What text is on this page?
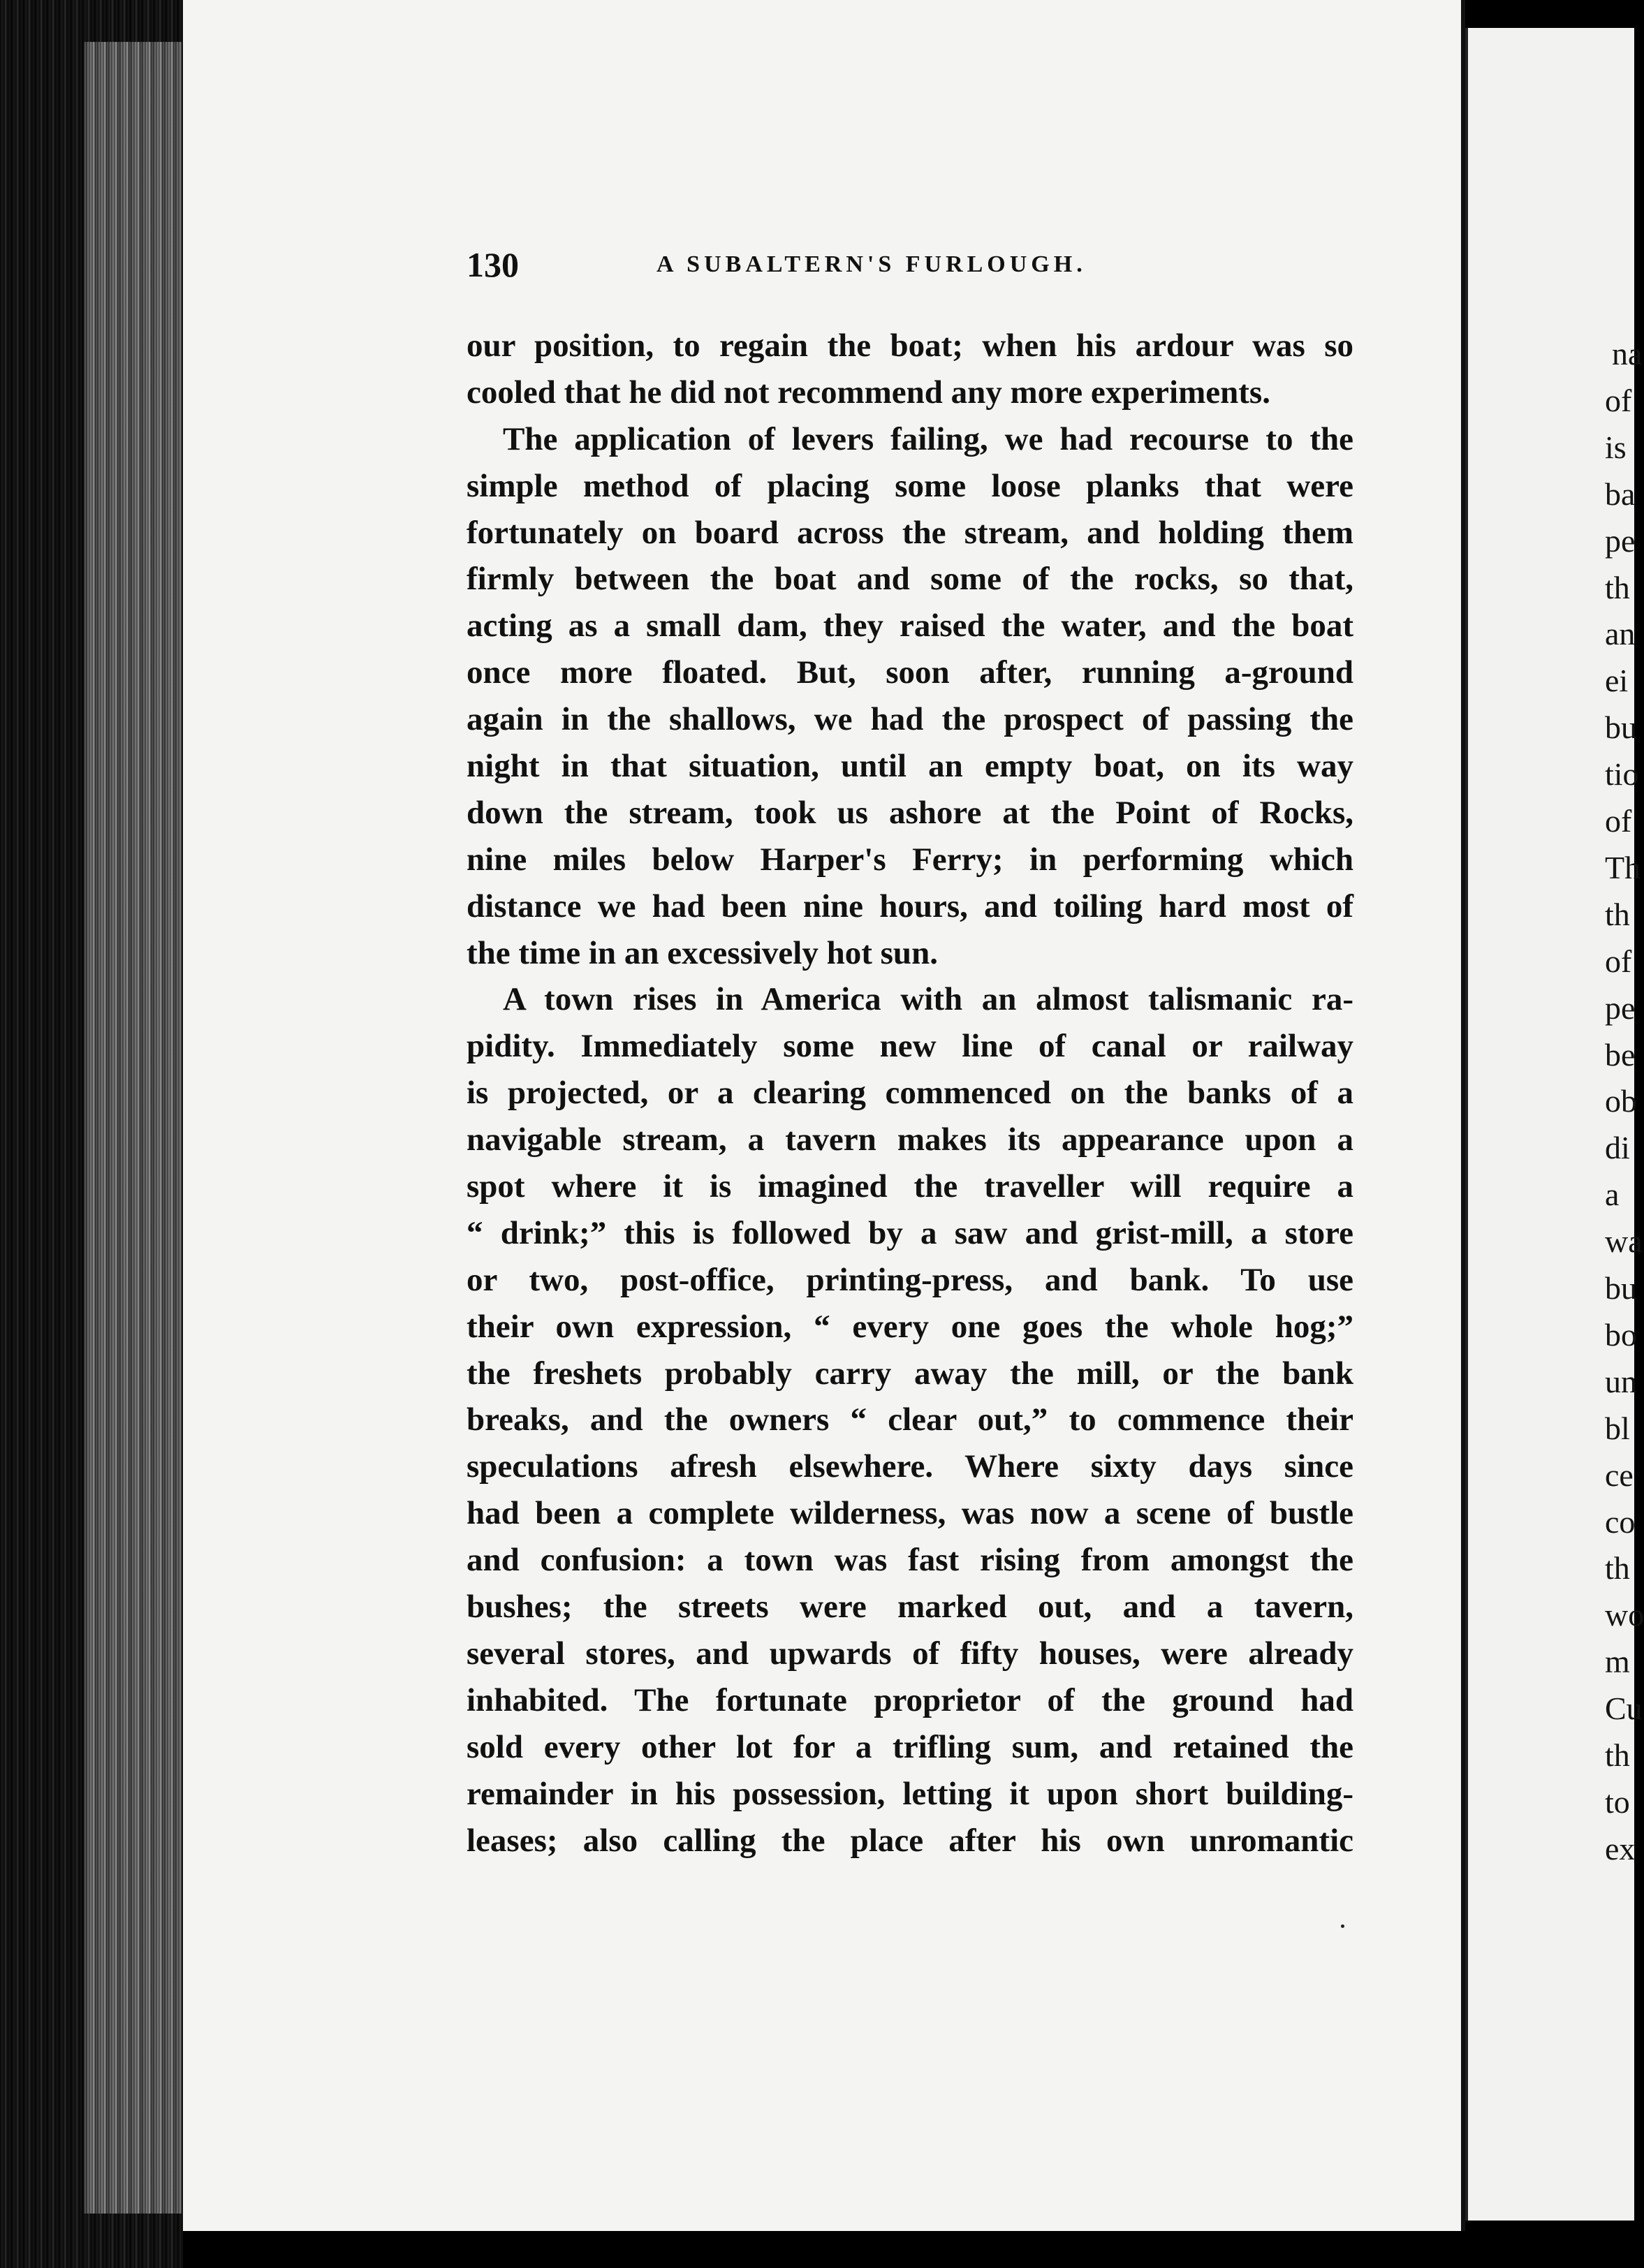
130	A SUBALTERN'S FURLOUGH.
our position, to regain the boat; when his ardour was so
cooled that he did not recommend any more experiments.
The application of levers failing, we had recourse to the
simple method of placing some loose planks that were
fortunately on board across the stream, and holding them
firmly between the boat and some of the rocks, so that,
acting as a small dam, they raised the water, and the boat
once more floated. But, soon after, running a-ground
again in the shallows, we had the prospect of passing the
night in that situation, until an empty boat, on its way
down the stream, took us ashore at the Point of Rocks,
nine miles below Harper's Ferry; in performing which
distance we had been nine hours, and toiling hard most of
the time in an excessively hot sun.
A town rises in America with an almost talismanic ra-
pidity. Immediately some new line of canal or railway
is projected, or a clearing commenced on the banks of a
navigable stream, a tavern makes its appearance upon a
spot where it is imagined the traveller will require a
“ drink;” this is followed by a saw and grist-mill, a store
or two, post-office, printing-press, and bank. To use
their own expression, “ every one goes the whole hog;”
the freshets probably carry away the mill, or the bank
breaks, and the owners “ clear out,” to commence their
speculations afresh elsewhere. Where sixty days since
had been a complete wilderness, was now a scene of bustle
and confusion: a town was fast rising from amongst the
bushes; the streets were marked out, and a tavern,
several stores, and upwards of fifty houses, were already
inhabited. The fortunate proprietor of the ground had
sold every other lot for a trifling sum, and retained the
remainder in his possession, letting it upon short building-
leases; also calling the place after his own unromantic
na
of
is
ba
pe
th
an
ei
bu
tio
of
Th
th
of
pe
be
ob
di
a
wa
bu
bo
un
bl
ce
co
th
wo
m
Cu
th
to
ex
